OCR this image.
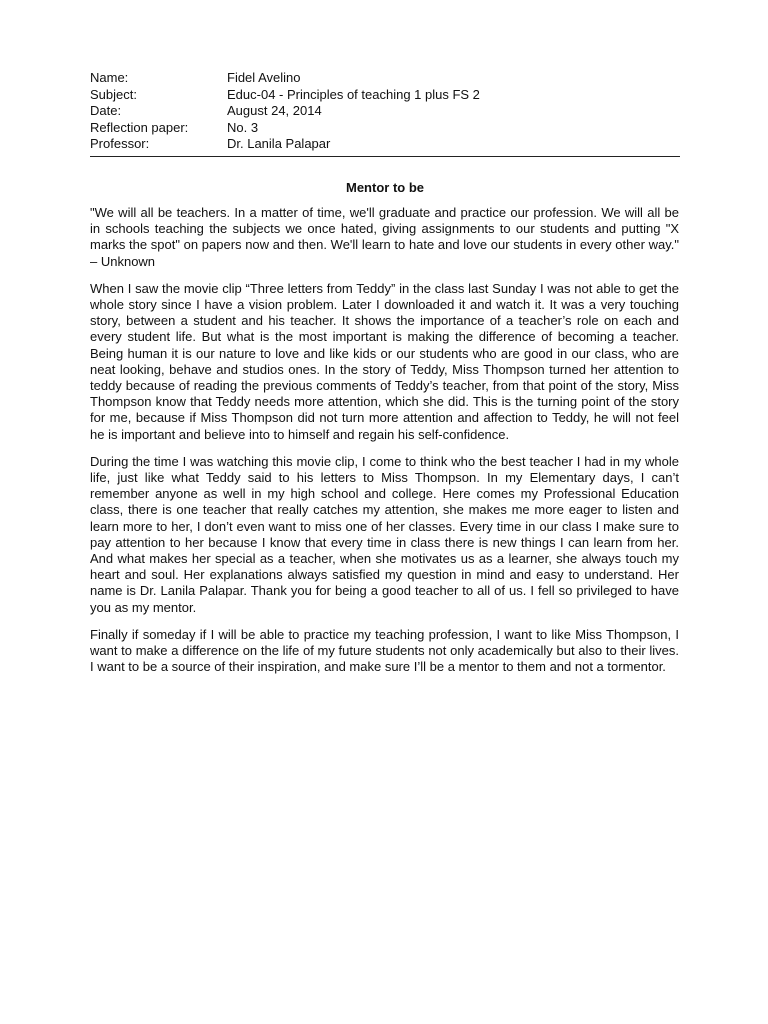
Name:	Fidel Avelino
Subject:	Educ-04 - Principles of teaching 1 plus FS 2
Date:	August 24, 2014
Reflection paper:	No. 3
Professor:	Dr. Lanila Palapar
Mentor to be

"We will all be teachers. In a matter of time, we'll graduate and practice our profession. We will all be in schools teaching the subjects we once hated, giving assignments to our students and putting "X marks the spot" on papers now and then. We'll learn to hate and love our students in every other way." – Unknown

When I saw the movie clip “Three letters from Teddy” in the class last Sunday I was not able to get the whole story since I have a vision problem. Later I downloaded it and watch it. It was a very touching story, between a student and his teacher. It shows the importance of a teacher’s role on each and every student life. But what is the most important is making the difference of becoming a teacher. Being human it is our nature to love and like kids or our students who are good in our class, who are neat looking, behave and studios ones. In the story of Teddy, Miss Thompson turned her attention to teddy because of reading the previous comments of Teddy’s teacher, from that point of the story, Miss Thompson know that Teddy needs more attention, which she did. This is the turning point of the story for me, because if Miss Thompson did not turn more attention and affection to Teddy, he will not feel he is important and believe into to himself and regain his self-confidence.

During the time I was watching this movie clip, I come to think who the best teacher I had in my whole life, just like what Teddy said to his letters to Miss Thompson. In my Elementary days, I can’t remember anyone as well in my high school and college. Here comes my Professional Education class, there is one teacher that really catches my attention, she makes me more eager to listen and learn more to her, I don’t even want to miss one of her classes. Every time in our class I make sure to pay attention to her because I know that every time in class there is new things I can learn from her. And what makes her special as a teacher, when she motivates us as a learner, she always touch my heart and soul. Her explanations always satisfied my question in mind and easy to understand. Her name is Dr. Lanila Palapar. Thank you for being a good teacher to all of us. I fell so privileged to have you as my mentor.

Finally if someday if I will be able to practice my teaching profession, I want to like Miss Thompson, I want to make a difference on the life of my future students not only academically but also to their lives. I want to be a source of their inspiration, and make sure I’ll be a mentor to them and not a tormentor.
